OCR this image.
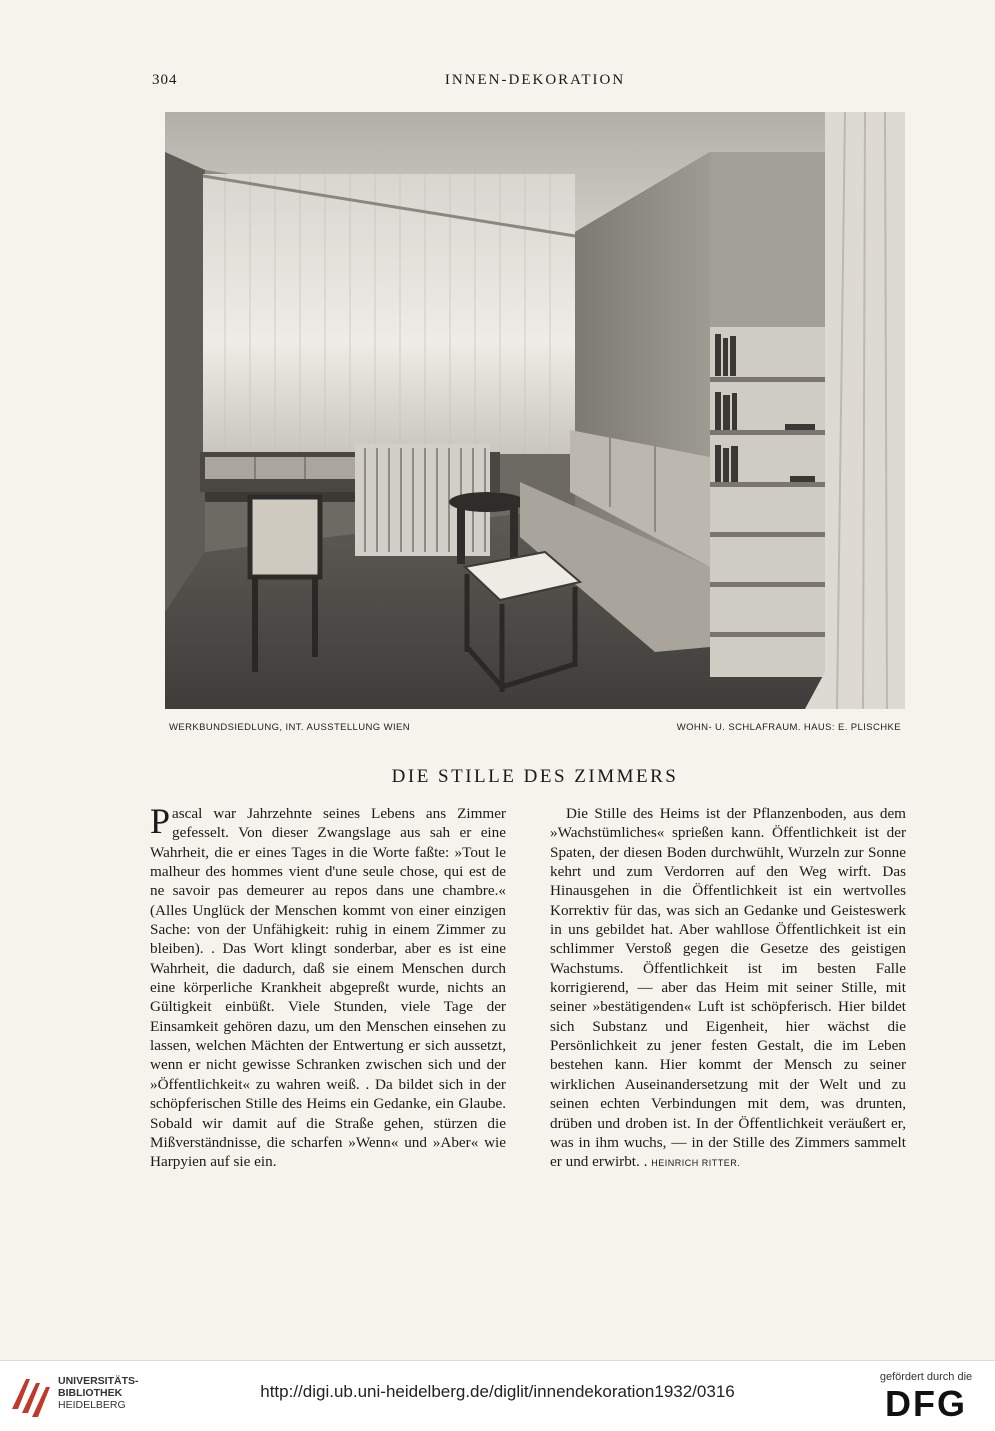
304	INNEN-DEKORATION
WERKBUNDSIEDLUNG, INT. AUSSTELLUNG WIEN	WOHN- U. SCHLAFRAUM. HAUS: E. PLISCHKE
DIE STILLE DES ZIMMERS
P ascal war Jahrzehnte seines Lebens ans Zimmer gefesselt. Von dieser Zwangslage aus sah er eine Wahrheit, die er eines Tages in die Worte faßte: »Tout le malheur des hommes vient d'une seule chose, qui est de ne savoir pas demeurer au repos dans une chambre.« (Alles Unglück der Menschen kommt von einer einzigen Sache: von der Unfähigkeit: ruhig in einem Zimmer zu bleiben). . Das Wort klingt sonderbar, aber es ist eine Wahrheit, die dadurch, daß sie einem Menschen durch eine körperliche Krankheit abgepreßt wurde, nichts an Gültigkeit einbüßt. Viele Stunden, viele Tage der Einsamkeit gehören dazu, um den Menschen einsehen zu lassen, welchen Mächten der Entwertung er sich aussetzt, wenn er nicht gewisse Schranken zwischen sich und der »Öffentlichkeit« zu wahren weiß. . Da bildet sich in der schöpferischen Stille des Heims ein Gedanke, ein Glaube. Sobald wir damit auf die Straße gehen, stürzen die Mißverständnisse, die scharfen »Wenn« und »Aber« wie Harpyien auf sie ein.

Die Stille des Heims ist der Pflanzenboden, aus dem »Wachstümliches« sprießen kann. Öffentlichkeit ist der Spaten, der diesen Boden durchwühlt, Wurzeln zur Sonne kehrt und zum Verdorren auf den Weg wirft. Das Hinausgehen in die Öffentlichkeit ist ein wertvolles Korrektiv für das, was sich an Gedanke und Geisteswerk in uns gebildet hat. Aber wahllose Öffentlichkeit ist ein schlimmer Verstoß gegen die Gesetze des geistigen Wachstums. Öffentlichkeit ist im besten Falle korrigierend, — aber das Heim mit seiner Stille, mit seiner »bestätigenden« Luft ist schöpferisch. Hier bildet sich Substanz und Eigenheit, hier wächst die Persönlichkeit zu jener festen Gestalt, die im Leben bestehen kann. Hier kommt der Mensch zu seiner wirklichen Auseinandersetzung mit der Welt und zu seinen echten Verbindungen mit dem, was drunten, drüben und droben ist. In der Öffentlichkeit veräußert er, was in ihm wuchs, — in der Stille des Zimmers sammelt er und erwirbt. . HEINRICH RITTER.

UNIVERSITÄTS-
BIBLIOTHEK
HEIDELBERG
http://digi.ub.uni-heidelberg.de/diglit/innendekoration1932/0316
gefördert durch die
DFG
